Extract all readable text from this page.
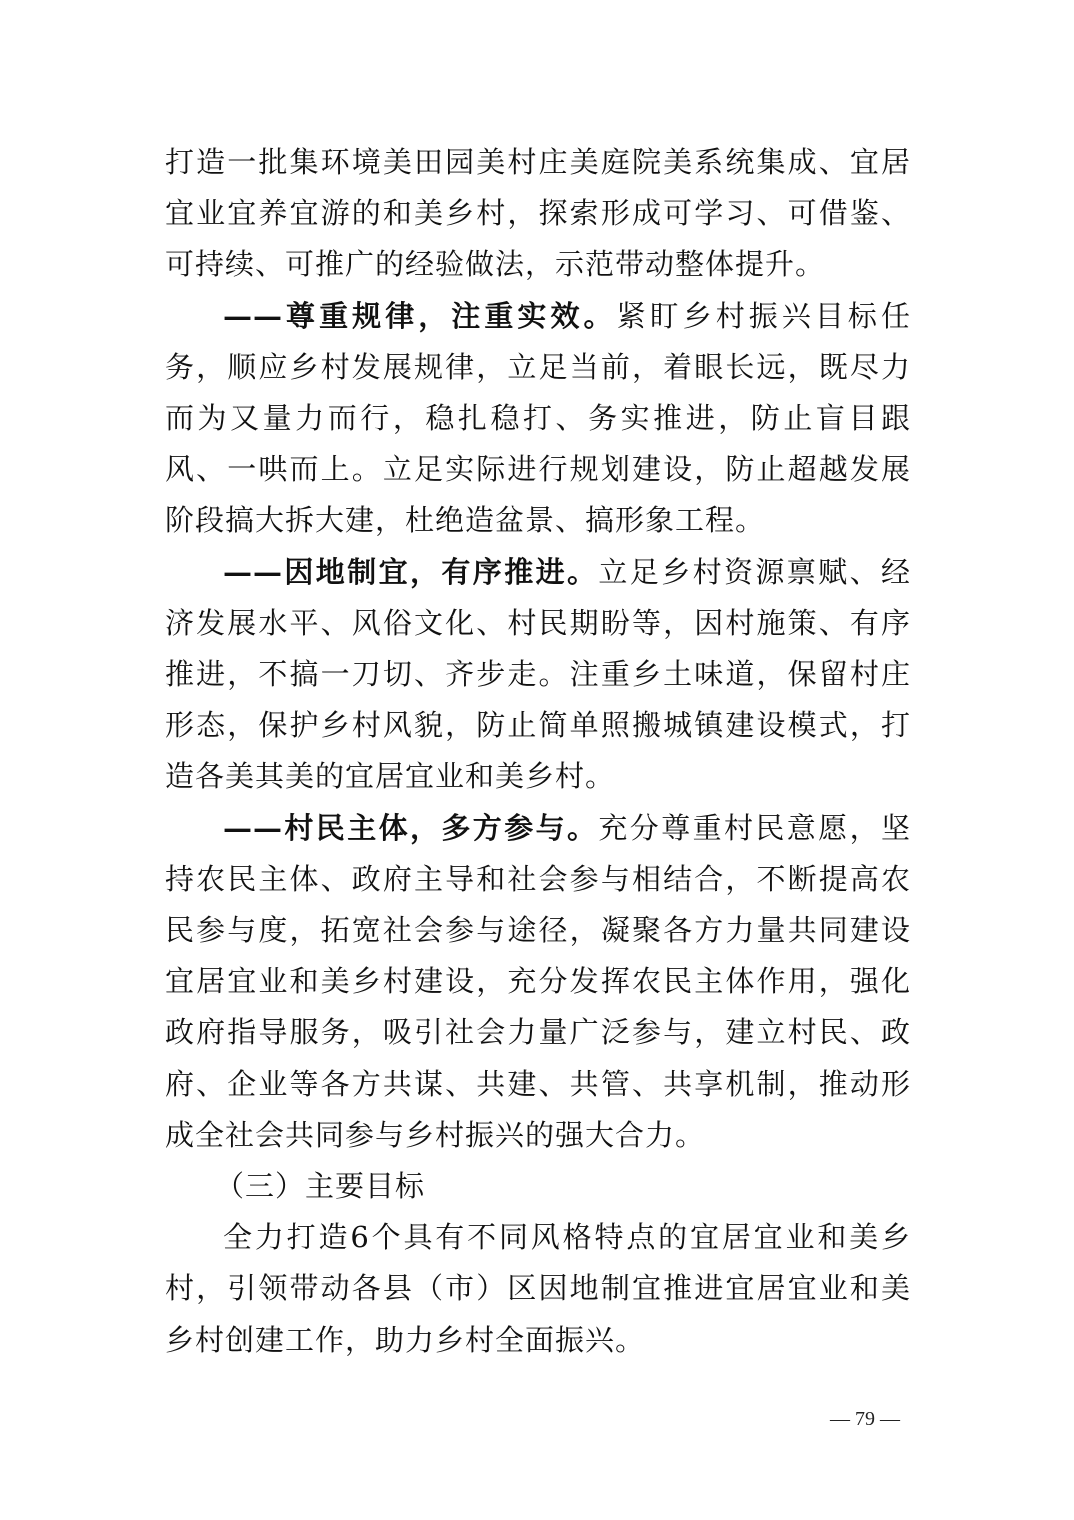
打造一批集环境美田园美村庄美庭院美系统集成、宜居宜业宜养宜游的和美乡村，探索形成可学习、可借鉴、可持续、可推广的经验做法，示范带动整体提升。

——尊重规律，注重实效。紧盯乡村振兴目标任务，顺应乡村发展规律，立足当前，着眼长远，既尽力而为又量力而行，稳扎稳打、务实推进，防止盲目跟风、一哄而上。立足实际进行规划建设，防止超越发展阶段搞大拆大建，杜绝造盆景、搞形象工程。

——因地制宜，有序推进。立足乡村资源禀赋、经济发展水平、风俗文化、村民期盼等，因村施策、有序推进，不搞一刀切、齐步走。注重乡土味道，保留村庄形态，保护乡村风貌，防止简单照搬城镇建设模式，打造各美其美的宜居宜业和美乡村。

——村民主体，多方参与。充分尊重村民意愿，坚持农民主体、政府主导和社会参与相结合，不断提高农民参与度，拓宽社会参与途径，凝聚各方力量共同建设宜居宜业和美乡村建设，充分发挥农民主体作用，强化政府指导服务，吸引社会力量广泛参与，建立村民、政府、企业等各方共谋、共建、共管、共享机制，推动形成全社会共同参与乡村振兴的强大合力。

（三）主要目标

全力打造6个具有不同风格特点的宜居宜业和美乡村，引领带动各县（市）区因地制宜推进宜居宜业和美乡村创建工作，助力乡村全面振兴。

— 79 —
